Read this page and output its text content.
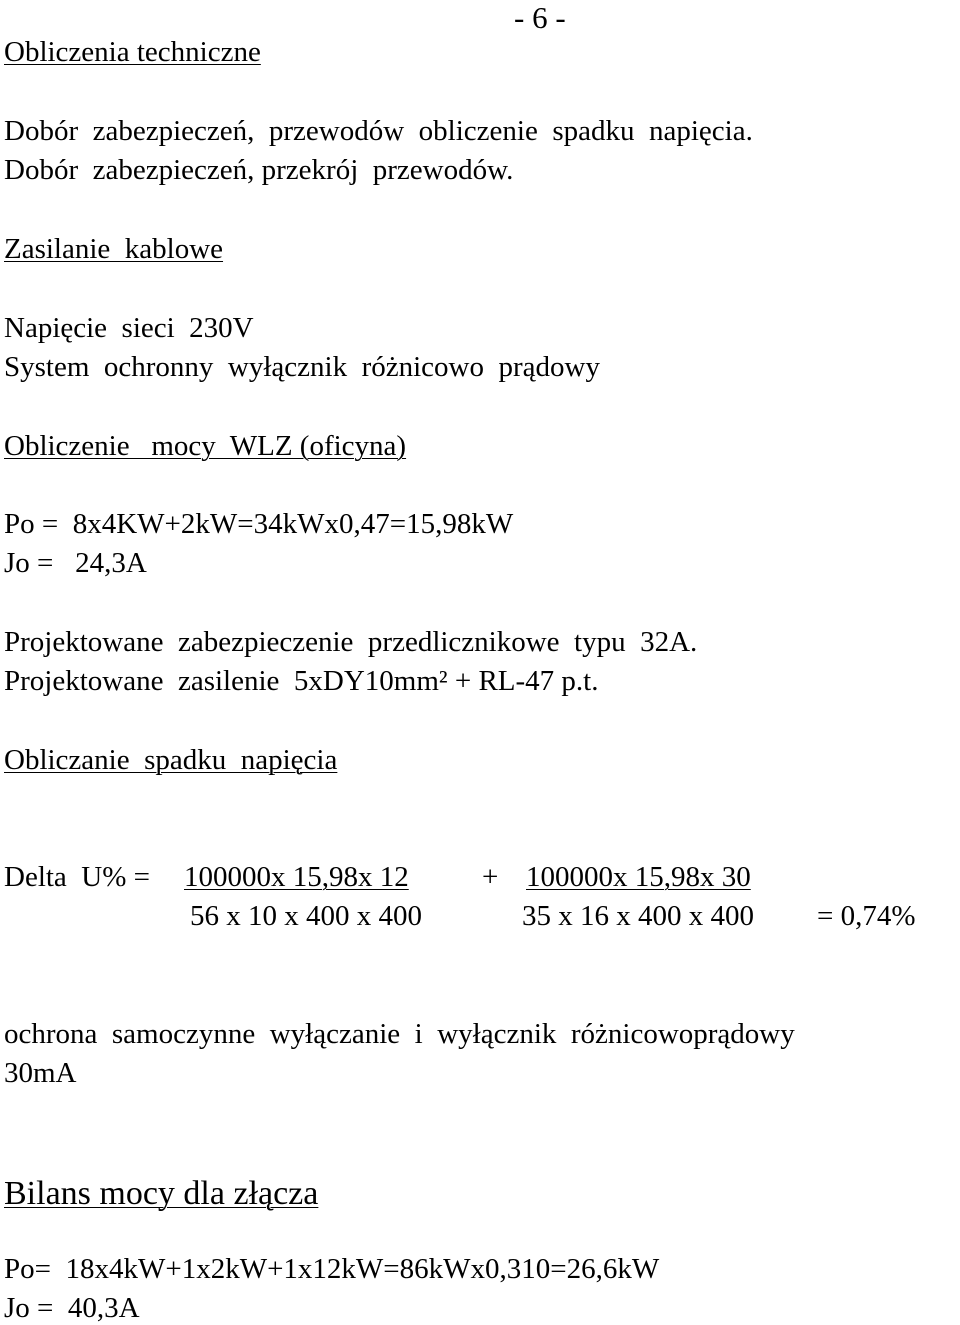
- 6 -
Obliczenia techniczne
Dobór  zabezpieczeń,  przewodów  obliczenie  spadku  napięcia.
Dobór  zabezpieczeń, przekrój  przewodów.
Zasilanie  kablowe
Napięcie  sieci  230V
System  ochronny  wyłącznik  różnicowo  prądowy
Obliczenie   mocy  WLZ (oficyna)
Po =  8x4KW+2kW=34kWx0,47=15,98kW
Jo =   24,3A
Projektowane  zabezpieczenie  przedlicznikowe  typu  32A.
Projektowane  zasilenie  5xDY10mm² + RL-47 p.t.
Obliczanie  spadku  napięcia
Delta  U% = 100000x 15,98x 12	+ 100000x 15,98x 30
56 x 10 x 400 x 400	35 x 16 x 400 x 400 = 0,74%
ochrona  samoczynne  wyłączanie  i  wyłącznik  różnicowoprądowy
30mA
Bilans mocy dla złącza
Po=  18x4kW+1x2kW+1x12kW=86kWx0,310=26,6kW
Jo =  40,3A
